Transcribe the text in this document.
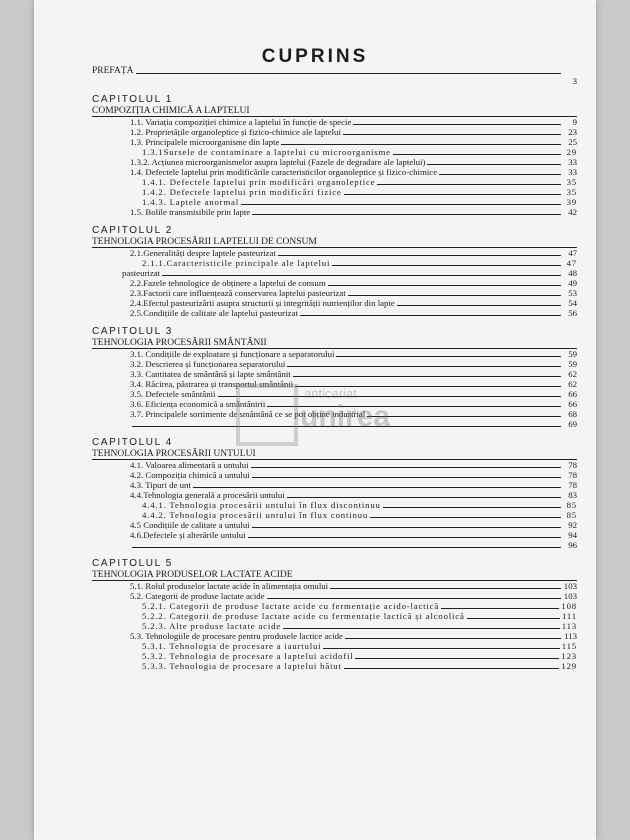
CUPRINS
PREFAȚĂ
3
CAPITOLUL 1
COMPOZIȚIA CHIMICĂ A LAPTELUI
1.1. Variația compoziției chimice a laptelui în funcție de specie	9
1.2. Proprietățile organoleptice și fizico-chimice ale laptelui	23
1.3. Principalele microorganisme din lapte	25
1.3.1Sursele de contaminare a laptelui cu microorganisme	29
1.3.2. Acțiunea microorganismelor asupra laptelui (Fazele de degradare ale laptelui)	33
1.4. Defectele laptelui prin modificările caracteristicilor organoleptice și fizico-chimice	33
1.4.1. Defectele laptelui prin modificări organoleptice	35
1.4.2. Defectele laptelui prin modificări fizice	35
1.4.3. Laptele anormal	39
1.5. Bolile transmisibile prin lapte	42
CAPITOLUL 2
TEHNOLOGIA PROCESĂRII LAPTELUI DE CONSUM
2.1.Generalități despre laptele pasteurizat	47
2.1.1.Caracteristicile principale ale laptelui	47
pasteurizat	48
2.2.Fazele tehnologice de obținere a laptelui de consum	49
2.3.Factorii care influențează conservarea laptelui pasteurizat	53
2.4.Efectul pasteurizării asupra structurii și integrității nutrienților din lapte	54
2.5.Condițiile de calitate ale laptelui pasteurizat	56
CAPITOLUL 3
TEHNOLOGIA PROCESĂRII SMÂNTÂNII
3.1. Condițiile de exploatare și funcționare a separatorului	59
3.2. Descrierea și funcționarea separatorului	59
3.3. Cantitatea de smântână și lapte smântânit	62
3.4. Răcirea, păstrarea și transportul smântânii	62
3.5. Defectele smântânii	66
3.6. Eficiența economică a smântânirii	66
3.7. Principalele sortimente de smântână ce se pot obține industrial	68
69
CAPITOLUL 4
TEHNOLOGIA PROCESĂRII UNTULUI
4.1. Valoarea alimentară a untului	78
4.2. Compoziția chimică a untului	78
4.3. Tipuri de unt	78
4.4.Tehnologia generală a procesării untului	83
4.4.1. Tehnologia procesării untului în flux discontinuu	85
4.4.2. Tehnologia procesării untului în flux continuu	85
4.5 Condițiile de calitate a untului	92
4.6.Defectele și alterările untului	94
96
CAPITOLUL 5
TEHNOLOGIA PRODUSELOR LACTATE ACIDE
5.1. Rolul produselor lactate acide în alimentația omului	103
5.2. Categorii de produse lactate acide	103
5.2.1. Categorii de produse lactate acide cu fermentație acido-lactică	108
5.2.2. Categorii de produse lactate acide cu fermentație lactică și alcoolică	111
5.2.3. Alte produse lactate acide	113
5.3. Tehnologiile de procesare pentru produsele lactice acide	113
5.3.1. Tehnologia de procesare a iaurtului	115
5.3.2. Tehnologia de procesare a laptelui acidofil	123
5.3.3. Tehnologia de procesare a laptelui bătut	129
anticariat
unirea
